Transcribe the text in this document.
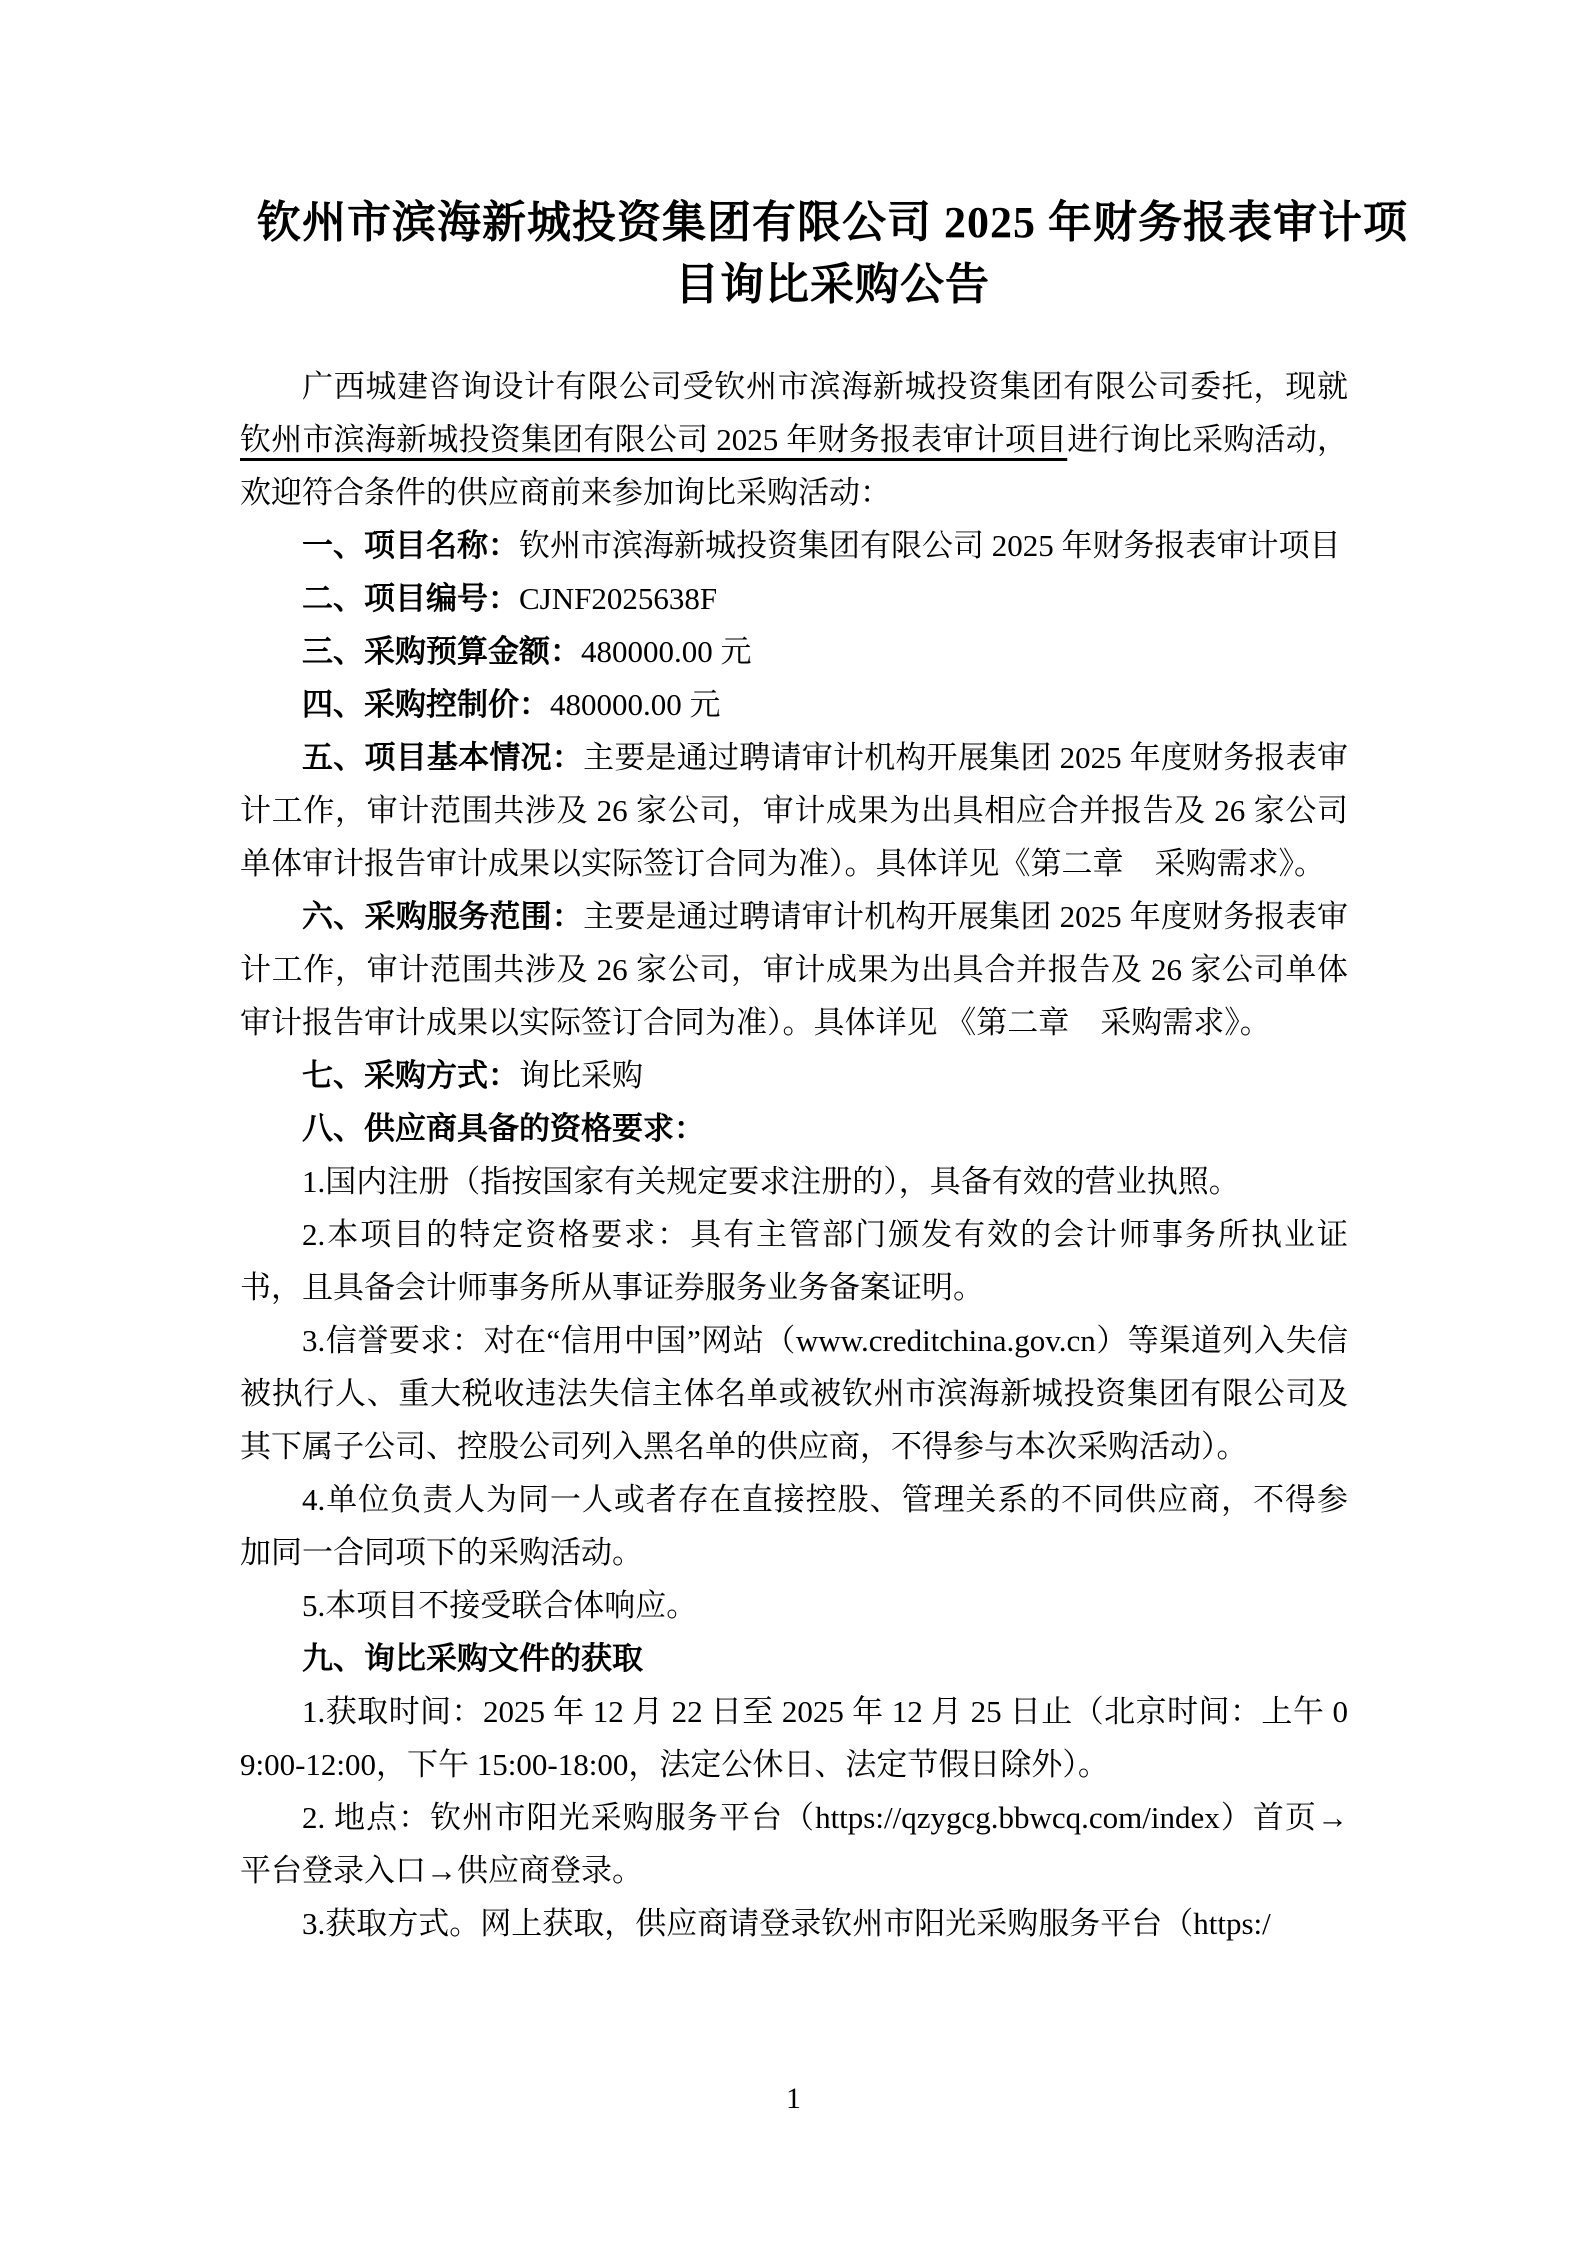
钦州市滨海新城投资集团有限公司 2025 年财务报表审计项
目询比采购公告

广西城建咨询设计有限公司受钦州市滨海新城投资集团有限公司委托，现就钦州市滨海新城投资集团有限公司 2025 年财务报表审计项目进行询比采购活动，欢迎符合条件的供应商前来参加询比采购活动：

一、项目名称：钦州市滨海新城投资集团有限公司 2025 年财务报表审计项目

二、项目编号：CJNF2025638F

三、采购预算金额：480000.00 元

四、采购控制价：480000.00 元

五、项目基本情况：主要是通过聘请审计机构开展集团 2025 年度财务报表审计工作，审计范围共涉及 26 家公司，审计成果为出具相应合并报告及 26 家公司单体审计报告审计成果以实际签订合同为准）。具体详见《第二章　采购需求》。

六、采购服务范围：主要是通过聘请审计机构开展集团 2025 年度财务报表审计工作，审计范围共涉及 26 家公司，审计成果为出具合并报告及 26 家公司单体审计报告审计成果以实际签订合同为准）。具体详见 《第二章　采购需求》。

七、采购方式：询比采购

八、供应商具备的资格要求：

1.国内注册（指按国家有关规定要求注册的），具备有效的营业执照。

2.本项目的特定资格要求：具有主管部门颁发有效的会计师事务所执业证书，且具备会计师事务所从事证券服务业务备案证明。

3.信誉要求：对在“信用中国”网站（www.creditchina.gov.cn）等渠道列入失信被执行人、重大税收违法失信主体名单或被钦州市滨海新城投资集团有限公司及其下属子公司、控股公司列入黑名单的供应商，不得参与本次采购活动）。

4.单位负责人为同一人或者存在直接控股、管理关系的不同供应商，不得参加同一合同项下的采购活动。

5.本项目不接受联合体响应。

九、询比采购文件的获取

1.获取时间：2025 年 12 月 22 日至 2025 年 12 月 25 日止（北京时间：上午 09:00-12:00，下午 15:00-18:00，法定公休日、法定节假日除外）。

2. 地点：钦州市阳光采购服务平台（https://qzygcg.bbwcq.com/index）首页→平台登录入口→供应商登录。

3.获取方式。网上获取，供应商请登录钦州市阳光采购服务平台（https:/

1
